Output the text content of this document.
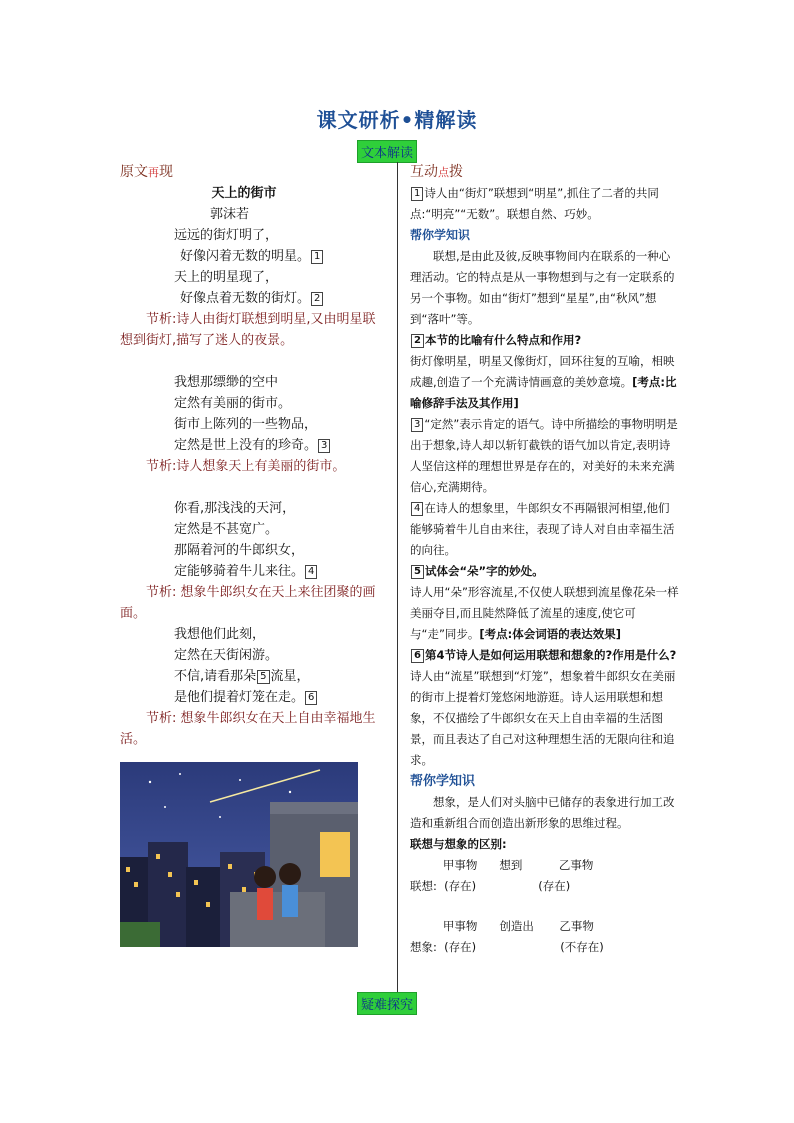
课文研析•精解读
文本解读
原文再现
天上的街市
郭沫若
远远的街灯明了，
好像闪着无数的明星。 1
天上的明星现了，
好像点着无数的街灯。 2
节析:诗人由街灯联想到明星,又由明星联想到街灯,描写了迷人的夜景。
我想那缥缈的空中
定然有美丽的街市。
街市上陈列的一些物品，
定然是世上没有的珍奇。 3
节析:诗人想象天上有美丽的街市。
你看,那浅浅的天河，
定然是不甚宽广。
那隔着河的牛郎织女，
定能够骑着牛儿来往。 4
节析: 想象牛郎织女在天上来往团聚的画面。
我想他们此刻，
定然在天街闲游。
不信,请看那朵 5 流星，
是他们提着灯笼在走。 6
节析: 想象牛郎织女在天上自由幸福地生活。
互动点拨
1 诗人由“街灯”联想到“明星”,抓住了二者的共同点:“明亮”“无数”。联想自然、巧妙。
帮你学知识
联想,是由此及彼,反映事物间内在联系的一种心理活动。它的特点是从一事物想到与之有一定联系的另一个事物。如由“街灯”想到“星星”,由“秋风”想到“落叶”等。
2 本节的比喻有什么特点和作用?
街灯像明星，明星又像街灯，回环往复的互喻，相映成趣,创造了一个充满诗情画意的美妙意境。[考点:比喻修辞手法及其作用]
3 “定然”表示肯定的语气。诗中所描绘的事物明明是出于想象,诗人却以斩钉截铁的语气加以肯定,表明诗人坚信这样的理想世界是存在的，对美好的未来充满信心,充满期待。
4 在诗人的想象里，牛郎织女不再隔银河相望,他们能够骑着牛儿自由来往，表现了诗人对自由幸福生活的向往。
5 试体会“朵”字的妙处。
诗人用“朵”形容流星,不仅使人联想到流星像花朵一样美丽夺目,而且陡然降低了流星的速度,使它可与“走”同步。[考点:体会词语的表达效果]
6 第4节诗人是如何运用联想和想象的?作用是什么?
诗人由“流星”联想到“灯笼”，想象着牛郎织女在美丽的街市上提着灯笼悠闲地游逛。诗人运用联想和想象，不仅描绘了牛郎织女在天上自由幸福的生活图景，而且表达了自己对这种理想生活的无限向往和追求。
帮你学知识
想象，是人们对头脑中已储存的表象进行加工改造和重新组合而创造出新形象的思维过程。
联想与想象的区别:
甲事物      想到          乙事物
联想:  (存在)                 (存在)
甲事物      创造出       乙事物
想象:  (存在)                       (不存在)
疑难探究
